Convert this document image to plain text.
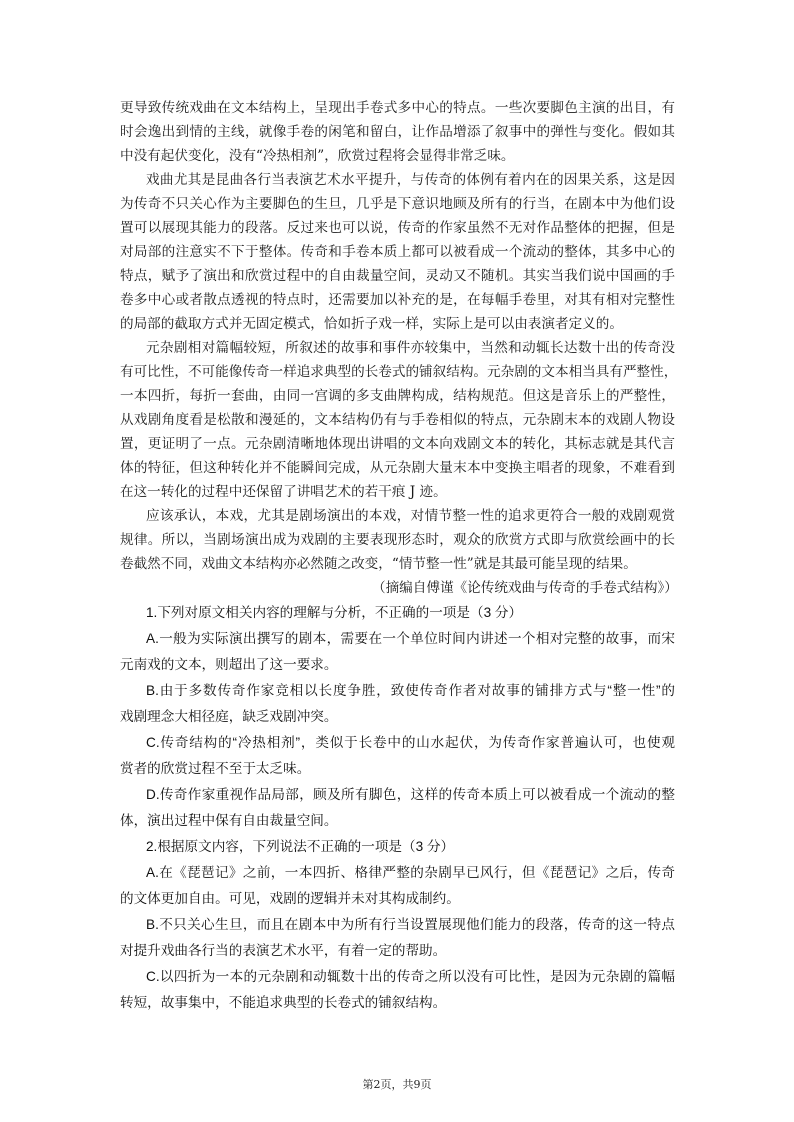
更导致传统戏曲在文本结构上，呈现出手卷式多中心的特点。一些次要脚色主演的出目，有
时会逸出到情的主线，就像手卷的闲笔和留白，让作品增添了叙事中的弹性与变化。假如其
中没有起伏变化，没有“冷热相剂”，欣赏过程将会显得非常乏味。
戏曲尤其是昆曲各行当表演艺术水平提升，与传奇的体例有着内在的因果关系，这是因
为传奇不只关心作为主要脚色的生旦，几乎是下意识地顾及所有的行当，在剧本中为他们设
置可以展现其能力的段落。反过来也可以说，传奇的作家虽然不无对作品整体的把握，但是
对局部的注意实不下于整体。传奇和手卷本质上都可以被看成一个流动的整体，其多中心的
特点，赋予了演出和欣赏过程中的自由裁量空间，灵动又不随机。其实当我们说中国画的手
卷多中心或者散点透视的特点时，还需要加以补充的是，在每幅手卷里，对其有相对完整性
的局部的截取方式并无固定模式，恰如折子戏一样，实际上是可以由表演者定义的。
元杂剧相对篇幅较短，所叙述的故事和事件亦较集中，当然和动辄长达数十出的传奇没
有可比性，不可能像传奇一样追求典型的长卷式的铺叙结构。元杂剧的文本相当具有严整性，
一本四折，每折一套曲，由同一宫调的多支曲牌构成，结构规范。但这是音乐上的严整性，
从戏剧角度看是松散和漫延的，文本结构仍有与手卷相似的特点，元杂剧末本的戏剧人物设
置，更证明了一点。元杂剧清晰地体现出讲唱的文本向戏剧文本的转化，其标志就是其代言
体的特征，但这种转化并不能瞬间完成，从元杂剧大量末本中变换主唱者的现象，不难看到
在这一转化的过程中还保留了讲唱艺术的若干痕 J 迹。
应该承认，本戏，尤其是剧场演出的本戏，对情节整一性的追求更符合一般的戏剧观赏
规律。所以，当剧场演出成为戏剧的主要表现形态时，观众的欣赏方式即与欣赏绘画中的长
卷截然不同，戏曲文本结构亦必然随之改变，“情节整一性”就是其最可能呈现的结果。
（摘编自傅谨《论传统戏曲与传奇的手卷式结构》）
1.下列对原文相关内容的理解与分析，不正确的一项是（3 分）
A.一般为实际演出撰写的剧本，需要在一个单位时间内讲述一个相对完整的故事，而宋
元南戏的文本，则超出了这一要求。
B.由于多数传奇作家竞相以长度争胜，致使传奇作者对故事的铺排方式与“整一性”的
戏剧理念大相径庭，缺乏戏剧冲突。
C.传奇结构的“冷热相剂”，类似于长卷中的山水起伏，为传奇作家普遍认可，也使观
赏者的欣赏过程不至于太乏味。
D.传奇作家重视作品局部，顾及所有脚色，这样的传奇本质上可以被看成一个流动的整
体，演出过程中保有自由裁量空间。
2.根据原文内容，下列说法不正确的一项是（3 分）
A.在《琵琶记》之前，一本四折、格律严整的杂剧早已风行，但《琵琶记》之后，传奇
的文体更加自由。可见，戏剧的逻辑并未对其构成制约。
B.不只关心生旦，而且在剧本中为所有行当设置展现他们能力的段落，传奇的这一特点
对提升戏曲各行当的表演艺术水平，有着一定的帮助。
C.以四折为一本的元杂剧和动辄数十出的传奇之所以没有可比性，是因为元杂剧的篇幅
转短，故事集中，不能追求典型的长卷式的铺叙结构。
第2页，共9页
